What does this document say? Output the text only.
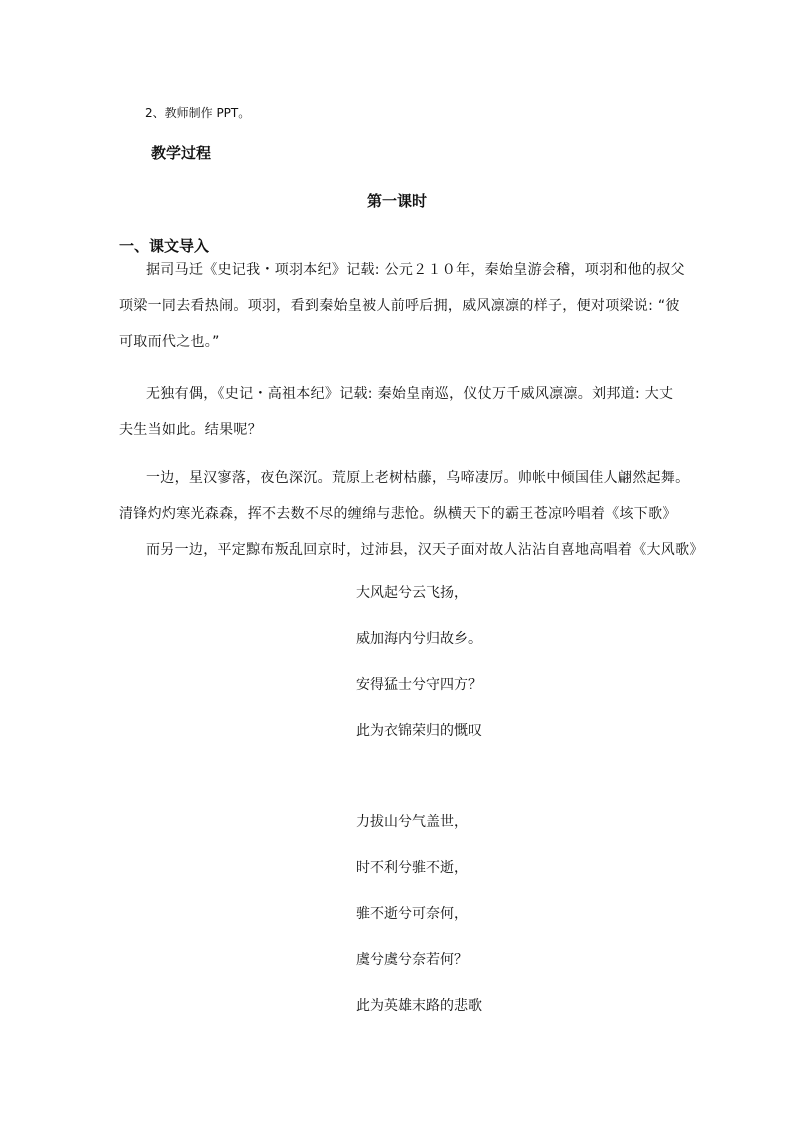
2、教师制作 PPT。
教学过程
第一课时
一、课文导入
据司马迁《史记我・项羽本纪》记载: 公元２１０年，秦始皇游会稽，项羽和他的叔父
项梁一同去看热闹。项羽，看到秦始皇被人前呼后拥，威风凛凛的样子，便对项梁说: “彼
可取而代之也。”
无独有偶，《史记・高祖本纪》记载: 秦始皇南巡，仪仗万千威风凛凛。刘邦道: 大丈
夫生当如此。结果呢？
一边，星汉寥落，夜色深沉。荒原上老树枯藤，乌啼凄厉。帅帐中倾国佳人翩然起舞。
清锋灼灼寒光森森，挥不去数不尽的缠绵与悲怆。纵横天下的霸王苍凉吟唱着《垓下歌》
而另一边，平定黥布叛乱回京时，过沛县，汉天子面对故人沾沾自喜地高唱着《大风歌》
大风起兮云飞扬，
威加海内兮归故乡。
安得猛士兮守四方？
此为衣锦荣归的慨叹
力拔山兮气盖世，
时不利兮骓不逝，
骓不逝兮可奈何，
虞兮虞兮奈若何？
此为英雄末路的悲歌
